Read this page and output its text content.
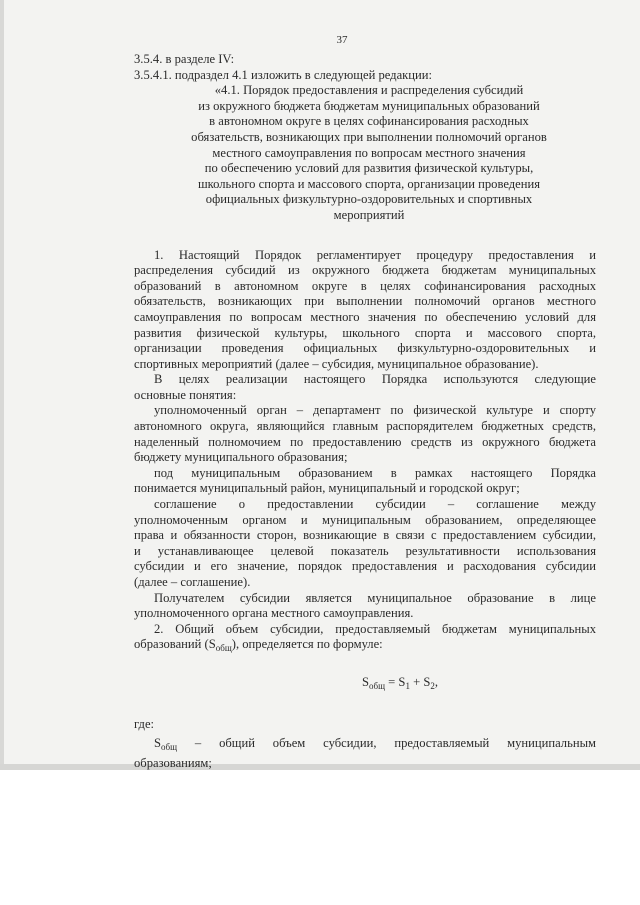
37

3.5.4. в разделе IV:

3.5.4.1. подраздел 4.1 изложить в следующей редакции:

«4.1. Порядок предоставления и распределения субсидий
из окружного бюджета бюджетам муниципальных образований
в автономном округе в целях софинансирования расходных
обязательств, возникающих при выполнении полномочий органов
местного самоуправления по вопросам местного значения
по обеспечению условий для развития физической культуры,
школьного спорта и массового спорта, организации проведения
официальных физкультурно-оздоровительных и спортивных
мероприятий

1. Настоящий Порядок регламентирует процедуру предоставления и
распределения субсидий из окружного бюджета бюджетам муниципальных
образований в автономном округе в целях софинансирования расходных
обязательств, возникающих при выполнении полномочий органов местного
самоуправления по вопросам местного значения по обеспечению условий для
развития физической культуры, школьного спорта и массового спорта,
организации проведения официальных физкультурно-оздоровительных и
спортивных мероприятий (далее – субсидия, муниципальное образование).

В целях реализации настоящего Порядка используются следующие
основные понятия:

уполномоченный орган – департамент по физической культуре и спорту
автономного округа, являющийся главным распорядителем бюджетных средств,
наделенный полномочием по предоставлению средств из окружного бюджета
бюджету муниципального образования;

под муниципальным образованием в рамках настоящего Порядка
понимается муниципальный район, муниципальный и городской округ;

соглашение о предоставлении субсидии – соглашение между
уполномоченным органом и муниципальным образованием, определяющее
права и обязанности сторон, возникающие в связи с предоставлением субсидии,
и устанавливающее целевой показатель результативности использования
субсидии и его значение, порядок предоставления и расходования субсидии
(далее – соглашение).

Получателем субсидии является муниципальное образование в лице
уполномоченного органа местного самоуправления.

2. Общий объем субсидии, предоставляемый бюджетам муниципальных
образований $(S_{общ})$, определяется по формуле:

$S_{общ} = S_1 + S_2$,

где:

$S_{общ}$ – общий объем субсидии, предоставляемый муниципальным
образованиям;
